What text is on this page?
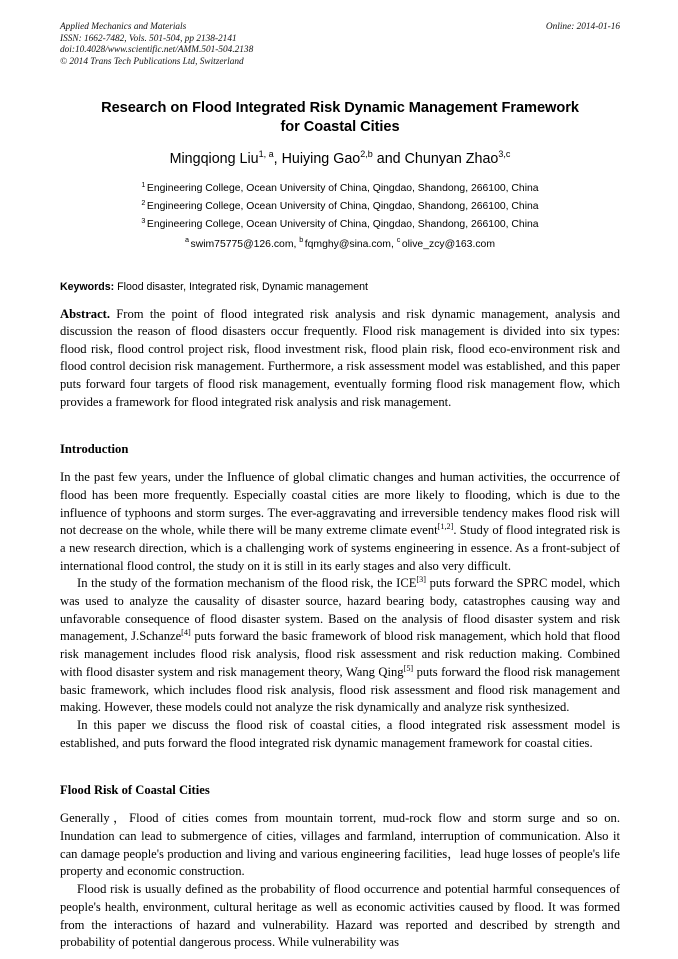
Applied Mechanics and Materials
ISSN: 1662-7482, Vols. 501-504, pp 2138-2141
doi:10.4028/www.scientific.net/AMM.501-504.2138
© 2014 Trans Tech Publications Ltd, Switzerland
Online: 2014-01-16
Research on Flood Integrated Risk Dynamic Management Framework
for Coastal Cities
Mingqiong Liu$^{1, a}$, Huiying Gao$^{2,b}$ and Chunyan Zhao$^{3,c}$
$^1$ Engineering College, Ocean University of China, Qingdao, Shandong, 266100, China
$^2$ Engineering College, Ocean University of China, Qingdao, Shandong, 266100, China
$^3$ Engineering College, Ocean University of China, Qingdao, Shandong, 266100, China
$^a$ swim75775@126.com, $^b$ fqmghy@sina.com, $^c$ olive_zcy@163.com
Keywords: Flood disaster, Integrated risk, Dynamic management
Abstract. From the point of flood integrated risk analysis and risk dynamic management, analysis and discussion the reason of flood disasters occur frequently. Flood risk management is divided into six types: flood risk, flood control project risk, flood investment risk, flood plain risk, flood eco-environment risk and flood control decision risk management. Furthermore, a risk assessment model was established, and this paper puts forward four targets of flood risk management, eventually forming flood risk management flow, which provides a framework for flood integrated risk analysis and risk management.
Introduction

In the past few years, under the Influence of global climatic changes and human activities, the occurrence of flood has been more frequently. Especially coastal cities are more likely to flooding, which is due to the influence of typhoons and storm surges. The ever-aggravating and irreversible tendency makes flood risk will not decrease on the whole, while there will be many extreme climate event[1,2]. Study of flood integrated risk is a new research direction, which is a challenging work of systems engineering in essence. As a front-subject of international flood control, the study on it is still in its early stages and also very difficult.

In the study of the formation mechanism of the flood risk, the ICE[3] puts forward the SPRC model, which was used to analyze the causality of disaster source, hazard bearing body, catastrophes causing way and unfavorable consequence of flood disaster system. Based on the analysis of flood disaster system and risk management, J.Schanze[4] puts forward the basic framework of blood risk management, which hold that flood risk management includes flood risk analysis, flood risk assessment and risk reduction making. Combined with flood disaster system and risk management theory, Wang Qing[5] puts forward the flood risk management basic framework, which includes flood risk analysis, flood risk assessment and flood risk management and making. However, these models could not analyze the risk dynamically and analyze risk synthesized.

In this paper we discuss the flood risk of coastal cities, a flood integrated risk assessment model is established, and puts forward the flood integrated risk dynamic management framework for coastal cities.

Flood Risk of Coastal Cities

Generally，Flood of cities comes from mountain torrent, mud-rock flow and storm surge and so on. Inundation can lead to submergence of cities, villages and farmland, interruption of communication. Also it can damage people's production and living and various engineering facilities，lead huge losses of people's life property and economic construction.

Flood risk is usually defined as the probability of flood occurrence and potential harmful consequences of people's health, environment, cultural heritage as well as economic activities caused by flood. It was formed from the interactions of hazard and vulnerability. Hazard was reported and described by strength and probability of potential dangerous process. While vulnerability was
